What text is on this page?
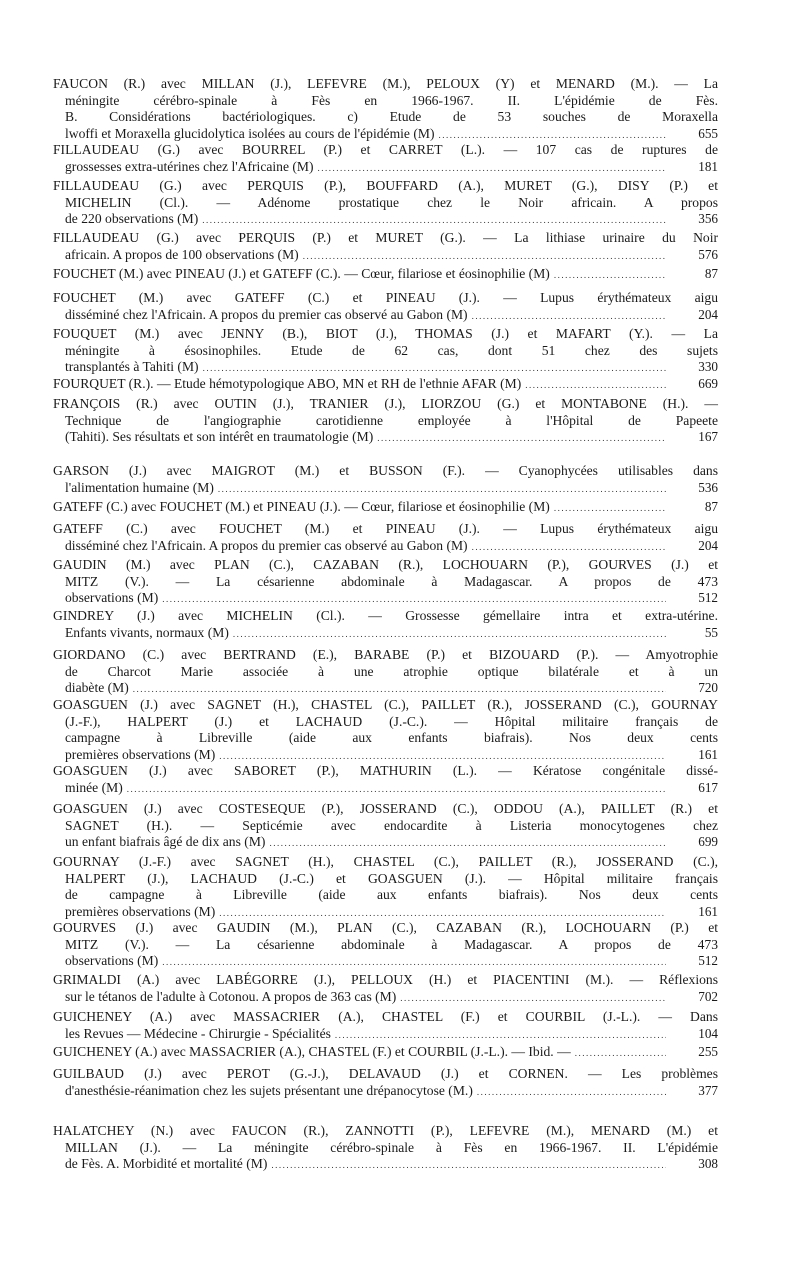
FAUCON (R.) avec MILLAN (J.), LEFEVRE (M.), PELOUX (Y) et MENARD (M.). — La
méningite cérébro-spinale à Fès en 1966-1967. II. L'épidémie de Fès.
B. Considérations bactériologiques. c) Etude de 53 souches de Moraxella
lwoffi et Moraxella glucidolytica isolées au cours de l'épidémie (M) .....	655
FILLAUDEAU (G.) avec BOURREL (P.) et CARRET (L.). — 107 cas de ruptures de
grossesses extra-utérines chez l'Africaine (M) .....	181
FILLAUDEAU (G.) avec PERQUIS (P.), BOUFFARD (A.), MURET (G.), DISY (P.) et
MICHELIN (Cl.). — Adénome prostatique chez le Noir africain. A propos
de 220 observations (M) .....	356
FILLAUDEAU (G.) avec PERQUIS (P.) et MURET (G.). — La lithiase urinaire du Noir
africain. A propos de 100 observations (M) .....	576
FOUCHET (M.) avec PINEAU (J.) et GATEFF (C.). — Cœur, filariose et éosinophilie (M) .....	87
FOUCHET (M.) avec GATEFF (C.) et PINEAU (J.). — Lupus érythémateux aigu
disséminé chez l'Africain. A propos du premier cas observé au Gabon (M) .....	204
FOUQUET (M.) avec JENNY (B.), BIOT (J.), THOMAS (J.) et MAFART (Y.). — La
méningite à ésosinophiles. Etude de 62 cas, dont 51 chez des sujets
transplantés à Tahiti (M) .....	330
FOURQUET (R.). — Etude hémotypologique ABO, MN et RH de l'ethnie AFAR (M) .....	669
FRANÇOIS (R.) avec OUTIN (J.), TRANIER (J.), LIORZOU (G.) et MONTABONE (H.). —
Technique de l'angiographie carotidienne employée à l'Hôpital de Papeete
(Tahiti). Ses résultats et son intérêt en traumatologie (M) .....	167
GARSON (J.) avec MAIGROT (M.) et BUSSON (F.). — Cyanophycées utilisables dans
l'alimentation humaine (M) .....	536
GATEFF (C.) avec FOUCHET (M.) et PINEAU (J.). — Cœur, filariose et éosinophilie (M) .....	87
GATEFF (C.) avec FOUCHET (M.) et PINEAU (J.). — Lupus érythémateux aigu
disséminé chez l'Africain. A propos du premier cas observé au Gabon (M) .....	204
GAUDIN (M.) avec PLAN (C.), CAZABAN (R.), LOCHOUARN (P.), GOURVES (J.) et
MITZ (V.). — La césarienne abdominale à Madagascar. A propos de 473
observations (M) .....	512
GINDREY (J.) avec MICHELIN (Cl.). — Grossesse gémellaire intra et extra-utérine.
Enfants vivants, normaux (M) .....	55
GIORDANO (C.) avec BERTRAND (E.), BARABE (P.) et BIZOUARD (P.). — Amyotrophie
de Charcot Marie associée à une atrophie optique bilatérale et à un
diabète (M) .....	720
GOASGUEN (J.) avec SAGNET (H.), CHASTEL (C.), PAILLET (R.), JOSSERAND (C.), GOURNAY
(J.-F.), HALPERT (J.) et LACHAUD (J.-C.). — Hôpital militaire français de
campagne à Libreville (aide aux enfants biafrais). Nos deux cents
premières observations (M) .....	161
GOASGUEN (J.) avec SABORET (P.), MATHURIN (L.). — Kératose congénitale dissé-
minée (M) .....	617
GOASGUEN (J.) avec COSTESEQUE (P.), JOSSERAND (C.), ODDOU (A.), PAILLET (R.) et
SAGNET (H.). — Septicémie avec endocardite à Listeria monocytogenes chez
un enfant biafrais âgé de dix ans (M) .....	699
GOURNAY (J.-F.) avec SAGNET (H.), CHASTEL (C.), PAILLET (R.), JOSSERAND (C.),
HALPERT (J.), LACHAUD (J.-C.) et GOASGUEN (J.). — Hôpital militaire français
de campagne à Libreville (aide aux enfants biafrais). Nos deux cents
premières observations (M) .....	161
GOURVES (J.) avec GAUDIN (M.), PLAN (C.), CAZABAN (R.), LOCHOUARN (P.) et
MITZ (V.). — La césarienne abdominale à Madagascar. A propos de 473
observations (M) .....	512
GRIMALDI (A.) avec LABÉGORRE (J.), PELLOUX (H.) et PIACENTINI (M.). — Réflexions
sur le tétanos de l'adulte à Cotonou. A propos de 363 cas (M) .....	702
GUICHENEY (A.) avec MASSACRIER (A.), CHASTEL (F.) et COURBIL (J.-L.). — Dans
les Revues — Médecine - Chirurgie - Spécialités .....	104
GUICHENEY (A.) avec MASSACRIER (A.), CHASTEL (F.) et COURBIL (J.-L.). — Ibid. — .....	255
GUILBAUD (J.) avec PEROT (G.-J.), DELAVAUD (J.) et CORNEN. — Les problèmes
d'anesthésie-réanimation chez les sujets présentant une drépanocytose (M.) .....	377
HALATCHEY (N.) avec FAUCON (R.), ZANNOTTI (P.), LEFEVRE (M.), MENARD (M.) et
MILLAN (J.). — La méningite cérébro-spinale à Fès en 1966-1967. II. L'épidémie
de Fès. A. Morbidité et mortalité (M) .....	308
